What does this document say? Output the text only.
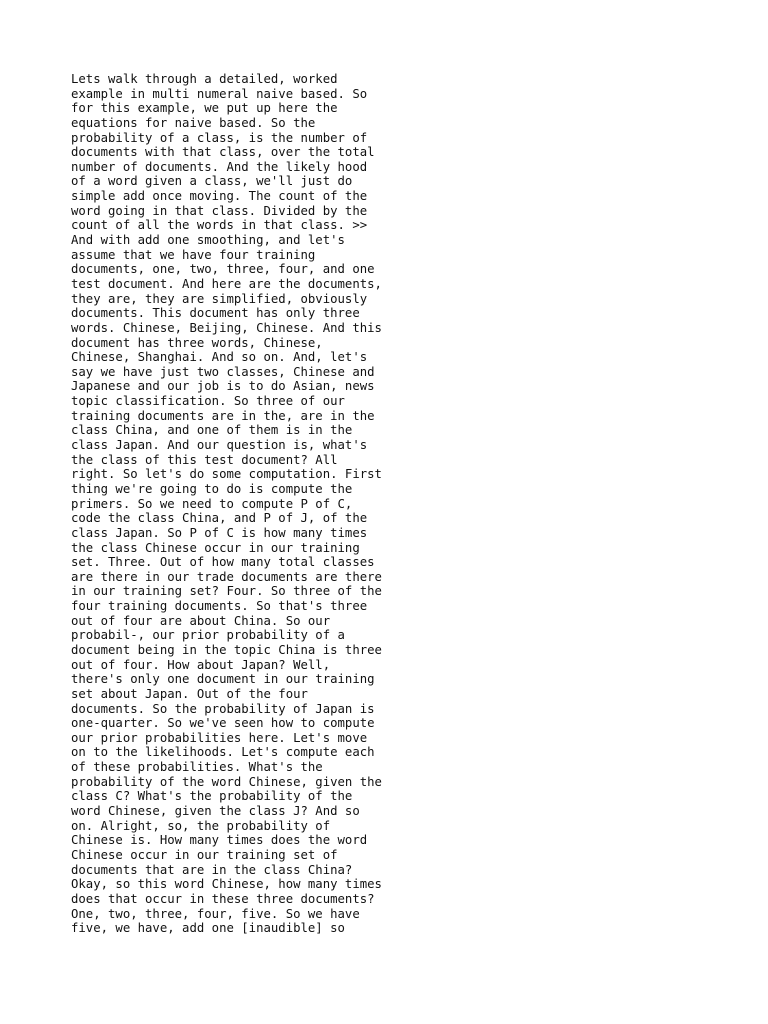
Lets walk through a detailed, worked
example in multi numeral naive based. So
for this example, we put up here the
equations for naive based. So the
probability of a class, is the number of
documents with that class, over the total
number of documents. And the likely hood
of a word given a class, we'll just do
simple add once moving. The count of the
word going in that class. Divided by the
count of all the words in that class. >>
And with add one smoothing, and let's
assume that we have four training
documents, one, two, three, four, and one
test document. And here are the documents,
they are, they are simplified, obviously
documents. This document has only three
words. Chinese, Beijing, Chinese. And this
document has three words, Chinese,
Chinese, Shanghai. And so on. And, let's
say we have just two classes, Chinese and
Japanese and our job is to do Asian, news
topic classification. So three of our
training documents are in the, are in the
class China, and one of them is in the
class Japan. And our question is, what's
the class of this test document? All
right. So let's do some computation. First
thing we're going to do is compute the
primers. So we need to compute P of C,
code the class China, and P of J, of the
class Japan. So P of C is how many times
the class Chinese occur in our training
set. Three. Out of how many total classes
are there in our trade documents are there
in our training set? Four. So three of the
four training documents. So that's three
out of four are about China. So our
probabil-, our prior probability of a
document being in the topic China is three
out of four. How about Japan? Well,
there's only one document in our training
set about Japan. Out of the four
documents. So the probability of Japan is
one-quarter. So we've seen how to compute
our prior probabilities here. Let's move
on to the likelihoods. Let's compute each
of these probabilities. What's the
probability of the word Chinese, given the
class C? What's the probability of the
word Chinese, given the class J? And so
on. Alright, so, the probability of
Chinese is. How many times does the word
Chinese occur in our training set of
documents that are in the class China?
Okay, so this word Chinese, how many times
does that occur in these three documents?
One, two, three, four, five. So we have
five, we have, add one [inaudible] so
